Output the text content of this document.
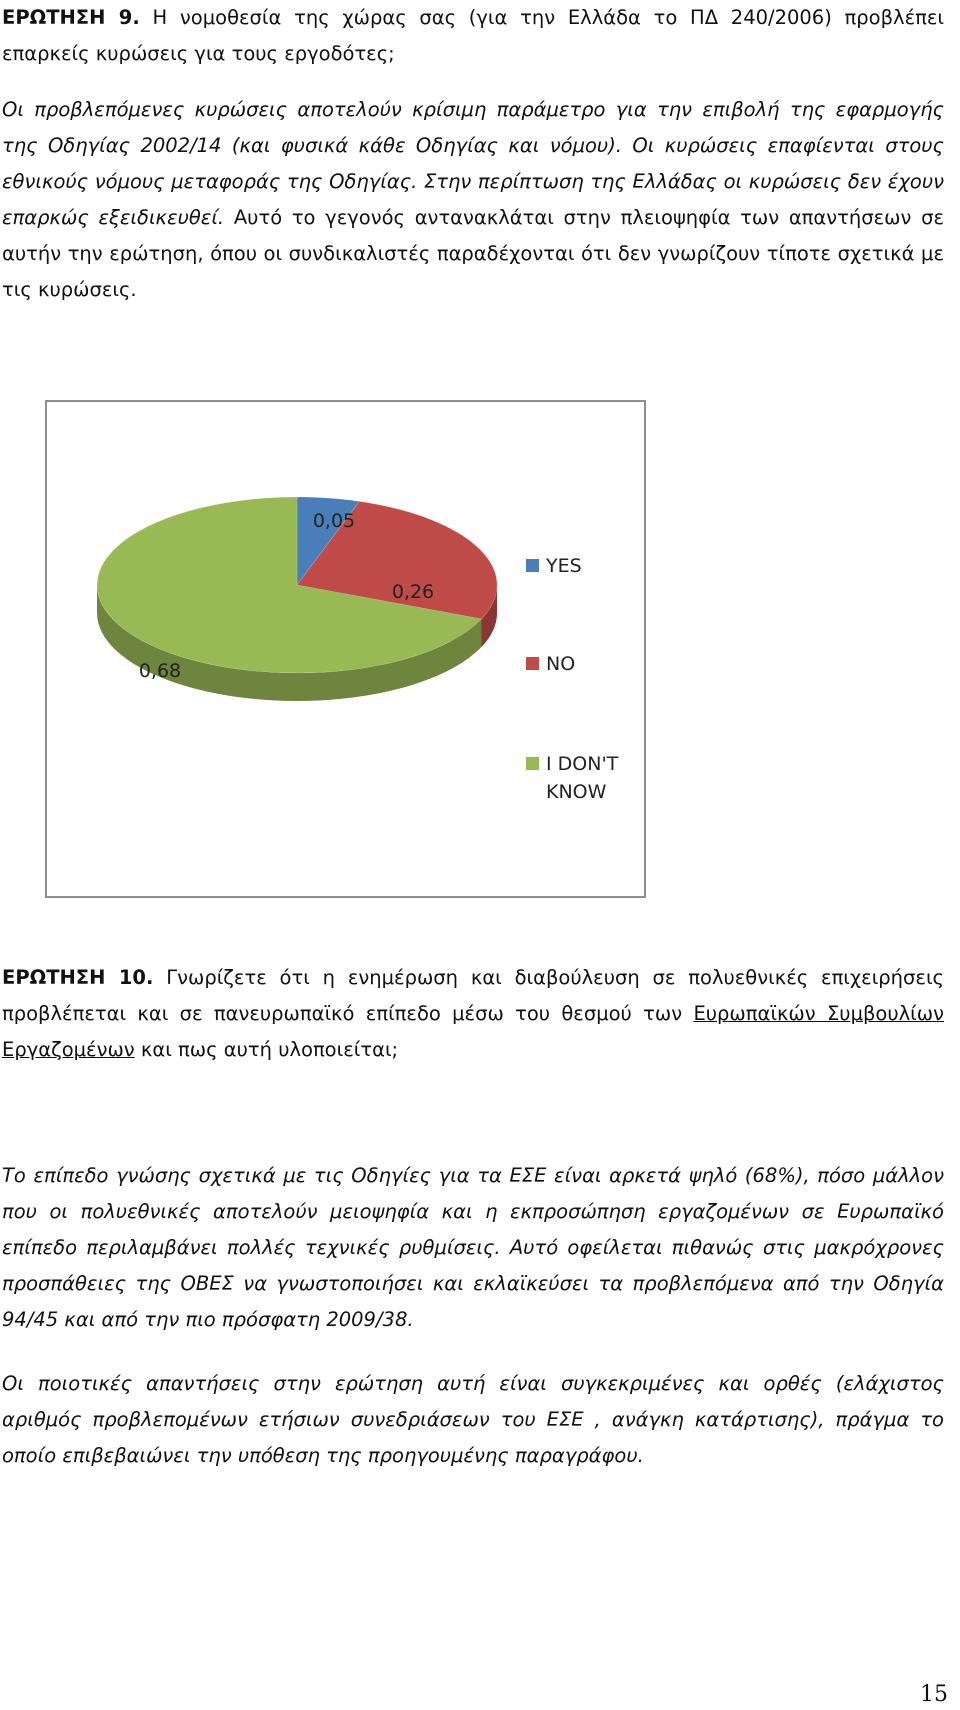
ΕΡΩΤΗΣΗ 9. Η νομοθεσία της χώρας σας (για την Ελλάδα το ΠΔ 240/2006) προβλέπει επαρκείς κυρώσεις για τους εργοδότες;

Οι προβλεπόμενες κυρώσεις αποτελούν κρίσιμη παράμετρο για την επιβολή της εφαρμογής της Οδηγίας 2002/14 (και φυσικά κάθε Οδηγίας και νόμου). Οι κυρώσεις επαφίενται στους εθνικούς νόμους μεταφοράς της Οδηγίας. Στην περίπτωση της Ελλάδας οι κυρώσεις δεν έχουν επαρκώς εξειδικευθεί. Αυτό το γεγονός αντανακλάται στην πλειοψηφία των απαντήσεων σε αυτήν την ερώτηση, όπου οι συνδικαλιστές παραδέχονται ότι δεν γνωρίζουν τίποτε σχετικά με τις κυρώσεις.

0,05
0,26
0,68
YES
NO
I DON'T
KNOW

ΕΡΩΤΗΣΗ 10. Γνωρίζετε ότι η ενημέρωση και διαβούλευση σε πολυεθνικές επιχειρήσεις προβλέπεται και σε πανευρωπαϊκό επίπεδο μέσω του θεσμού των Ευρωπαϊκών Συμβουλίων Εργαζομένων και πως αυτή υλοποιείται;

Το επίπεδο γνώσης σχετικά με τις Οδηγίες για τα ΕΣΕ είναι αρκετά ψηλό (68%), πόσο μάλλον που οι πολυεθνικές αποτελούν μειοψηφία και η εκπροσώπηση εργαζομένων σε Ευρωπαϊκό επίπεδο περιλαμβάνει πολλές τεχνικές ρυθμίσεις. Αυτό οφείλεται πιθανώς στις μακρόχρονες προσπάθειες της ΟΒΕΣ να γνωστοποιήσει και εκλαϊκεύσει τα προβλεπόμενα από την Οδηγία 94/45 και από την πιο πρόσφατη 2009/38.

Οι ποιοτικές απαντήσεις στην ερώτηση αυτή είναι συγκεκριμένες και ορθές (ελάχιστος αριθμός προβλεπομένων ετήσιων συνεδριάσεων του ΕΣΕ , ανάγκη κατάρτισης), πράγμα το οποίο επιβεβαιώνει την υπόθεση της προηγουμένης παραγράφου.

15
